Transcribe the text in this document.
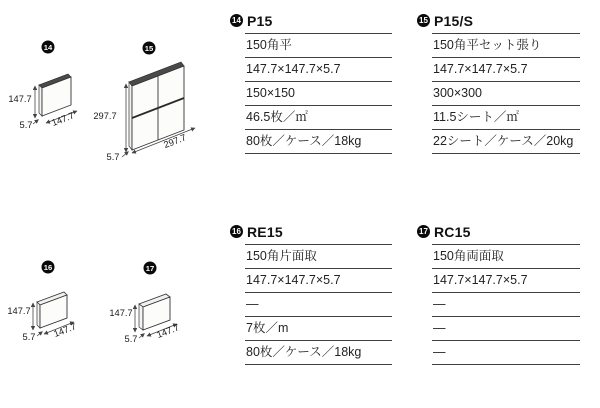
14
147.7
147.7
5.7
15
297.7
297.7
5.7
16
147.7
147.7
5.7
17
147.7
147.7
5.7
14 P15
150角平
147.7×147.7×5.7
150×150
46.5枚／㎡
80枚／ケース／18kg
15 P15/S
150角平セット張り
147.7×147.7×5.7
300×300
11.5シート／㎡
22シート／ケース／20kg
16 RE15
150角片面取
147.7×147.7×5.7
—
7枚／m
80枚／ケース／18kg
17 RC15
150角両面取
147.7×147.7×5.7
—
—
—
